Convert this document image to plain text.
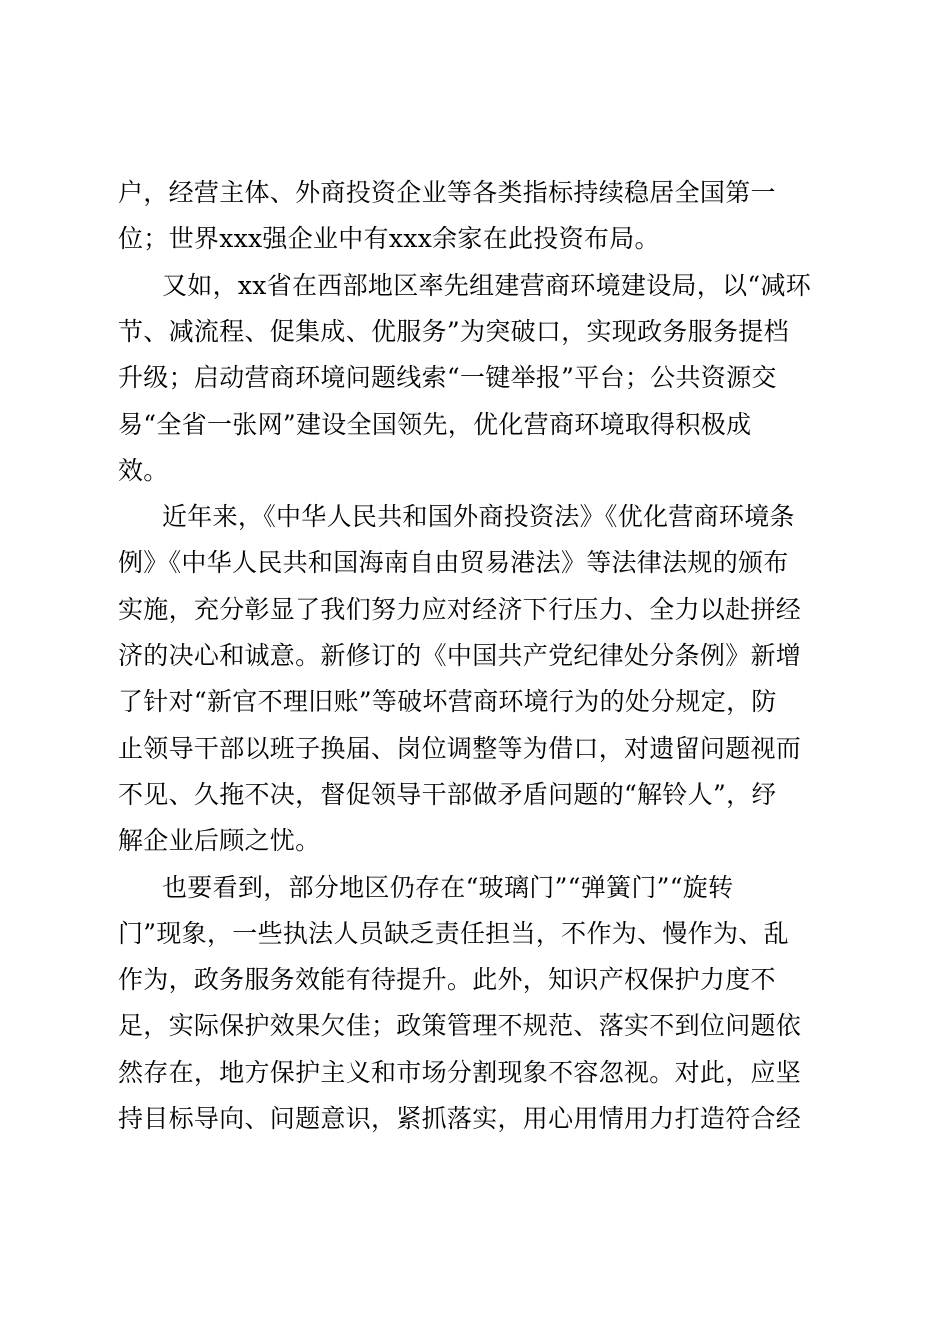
户，经营主体、外商投资企业等各类指标持续稳居全国第一
位；世界xxx强企业中有xxx余家在此投资布局。
又如，xx省在西部地区率先组建营商环境建设局，以“减环
节、减流程、促集成、优服务”为突破口，实现政务服务提档
升级；启动营商环境问题线索“一键举报”平台；公共资源交
易“全省一张网”建设全国领先，优化营商环境取得积极成
效。
近年来，《中华人民共和国外商投资法》《优化营商环境条
例》《中华人民共和国海南自由贸易港法》等法律法规的颁布
实施，充分彰显了我们努力应对经济下行压力、全力以赴拼经
济的决心和诚意。新修订的《中国共产党纪律处分条例》新增
了针对“新官不理旧账”等破坏营商环境行为的处分规定，防
止领导干部以班子换届、岗位调整等为借口，对遗留问题视而
不见、久拖不决，督促领导干部做矛盾问题的“解铃人”，纾
解企业后顾之忧。
也要看到，部分地区仍存在“玻璃门”“弹簧门”“旋转
门”现象，一些执法人员缺乏责任担当，不作为、慢作为、乱
作为，政务服务效能有待提升。此外，知识产权保护力度不
足，实际保护效果欠佳；政策管理不规范、落实不到位问题依
然存在，地方保护主义和市场分割现象不容忽视。对此，应坚
持目标导向、问题意识，紧抓落实，用心用情用力打造符合经
